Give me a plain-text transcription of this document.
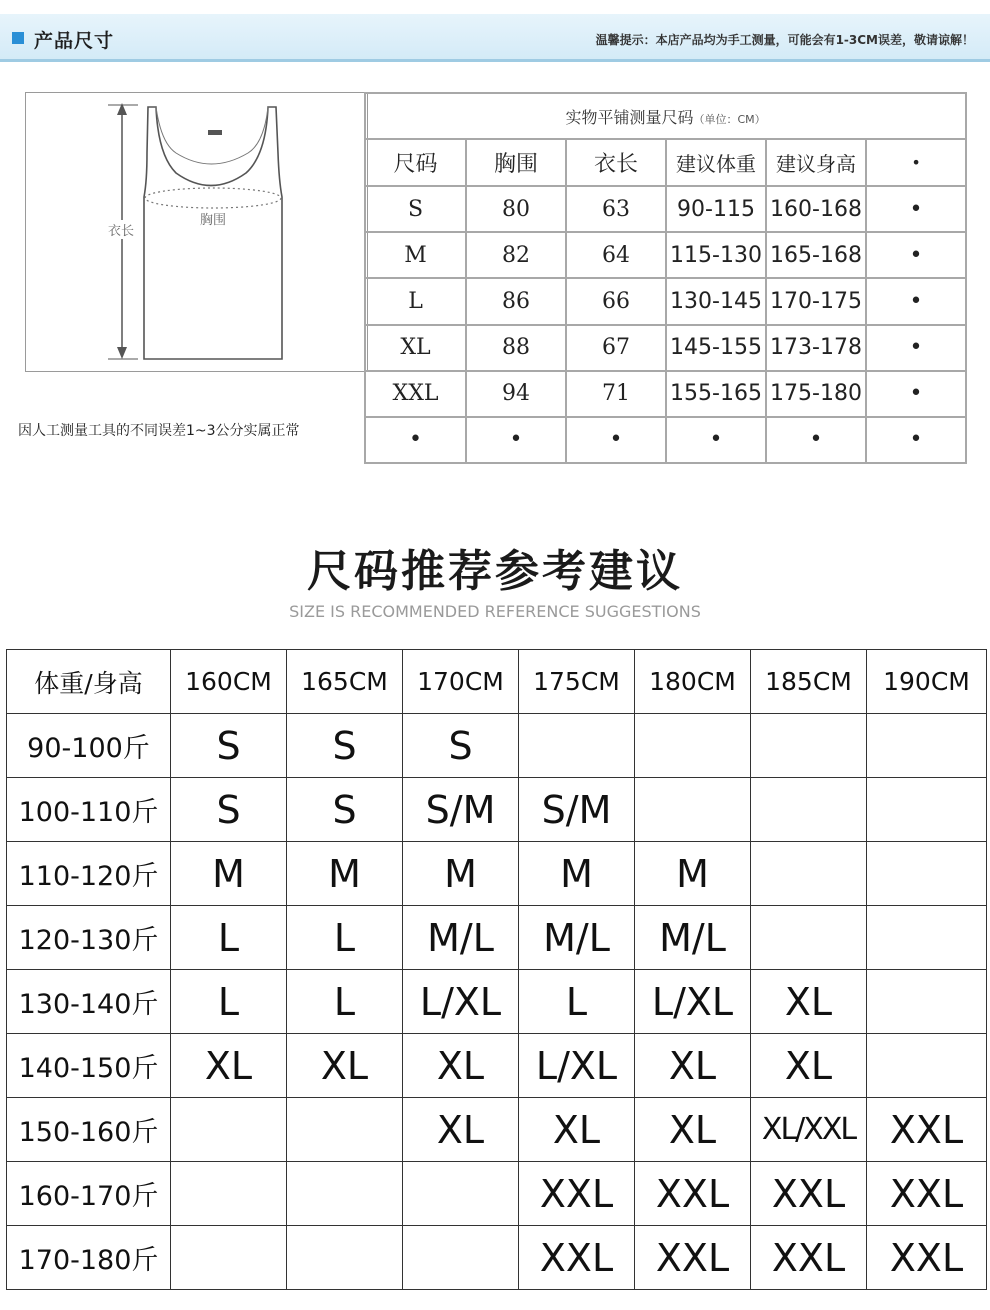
产品尺寸	温馨提示：本店产品均为手工测量，可能会有1-3CM误差，敬请谅解！
衣长
胸围
因人工测量工具的不同误差1~3公分实属正常
实物平铺测量尺码（单位：CM）					
尺码	胸围	衣长	建议体重	建议身高	•
S	80	63	90-115	160-168	•
M	82	64	115-130	165-168	•
L	86	66	130-145	170-175	•
XL	88	67	145-155	173-178	•
XXL	94	71	155-165	175-180	•
•	•	•	•	•	•
尺码推荐参考建议
SIZE IS RECOMMENDED REFERENCE SUGGESTIONS
体重/身高	160CM	165CM	170CM	175CM	180CM	185CM	190CM
90-100斤	S	S	S				
100-110斤	S	S	S/M	S/M			
110-120斤	M	M	M	M	M		
120-130斤	L	L	M/L	M/L	M/L		
130-140斤	L	L	L/XL	L	L/XL	XL	
140-150斤	XL	XL	XL	L/XL	XL	XL	
150-160斤			XL	XL	XL	XL/XXL	XXL
160-170斤				XXL	XXL	XXL	XXL
170-180斤				XXL	XXL	XXL	XXL
